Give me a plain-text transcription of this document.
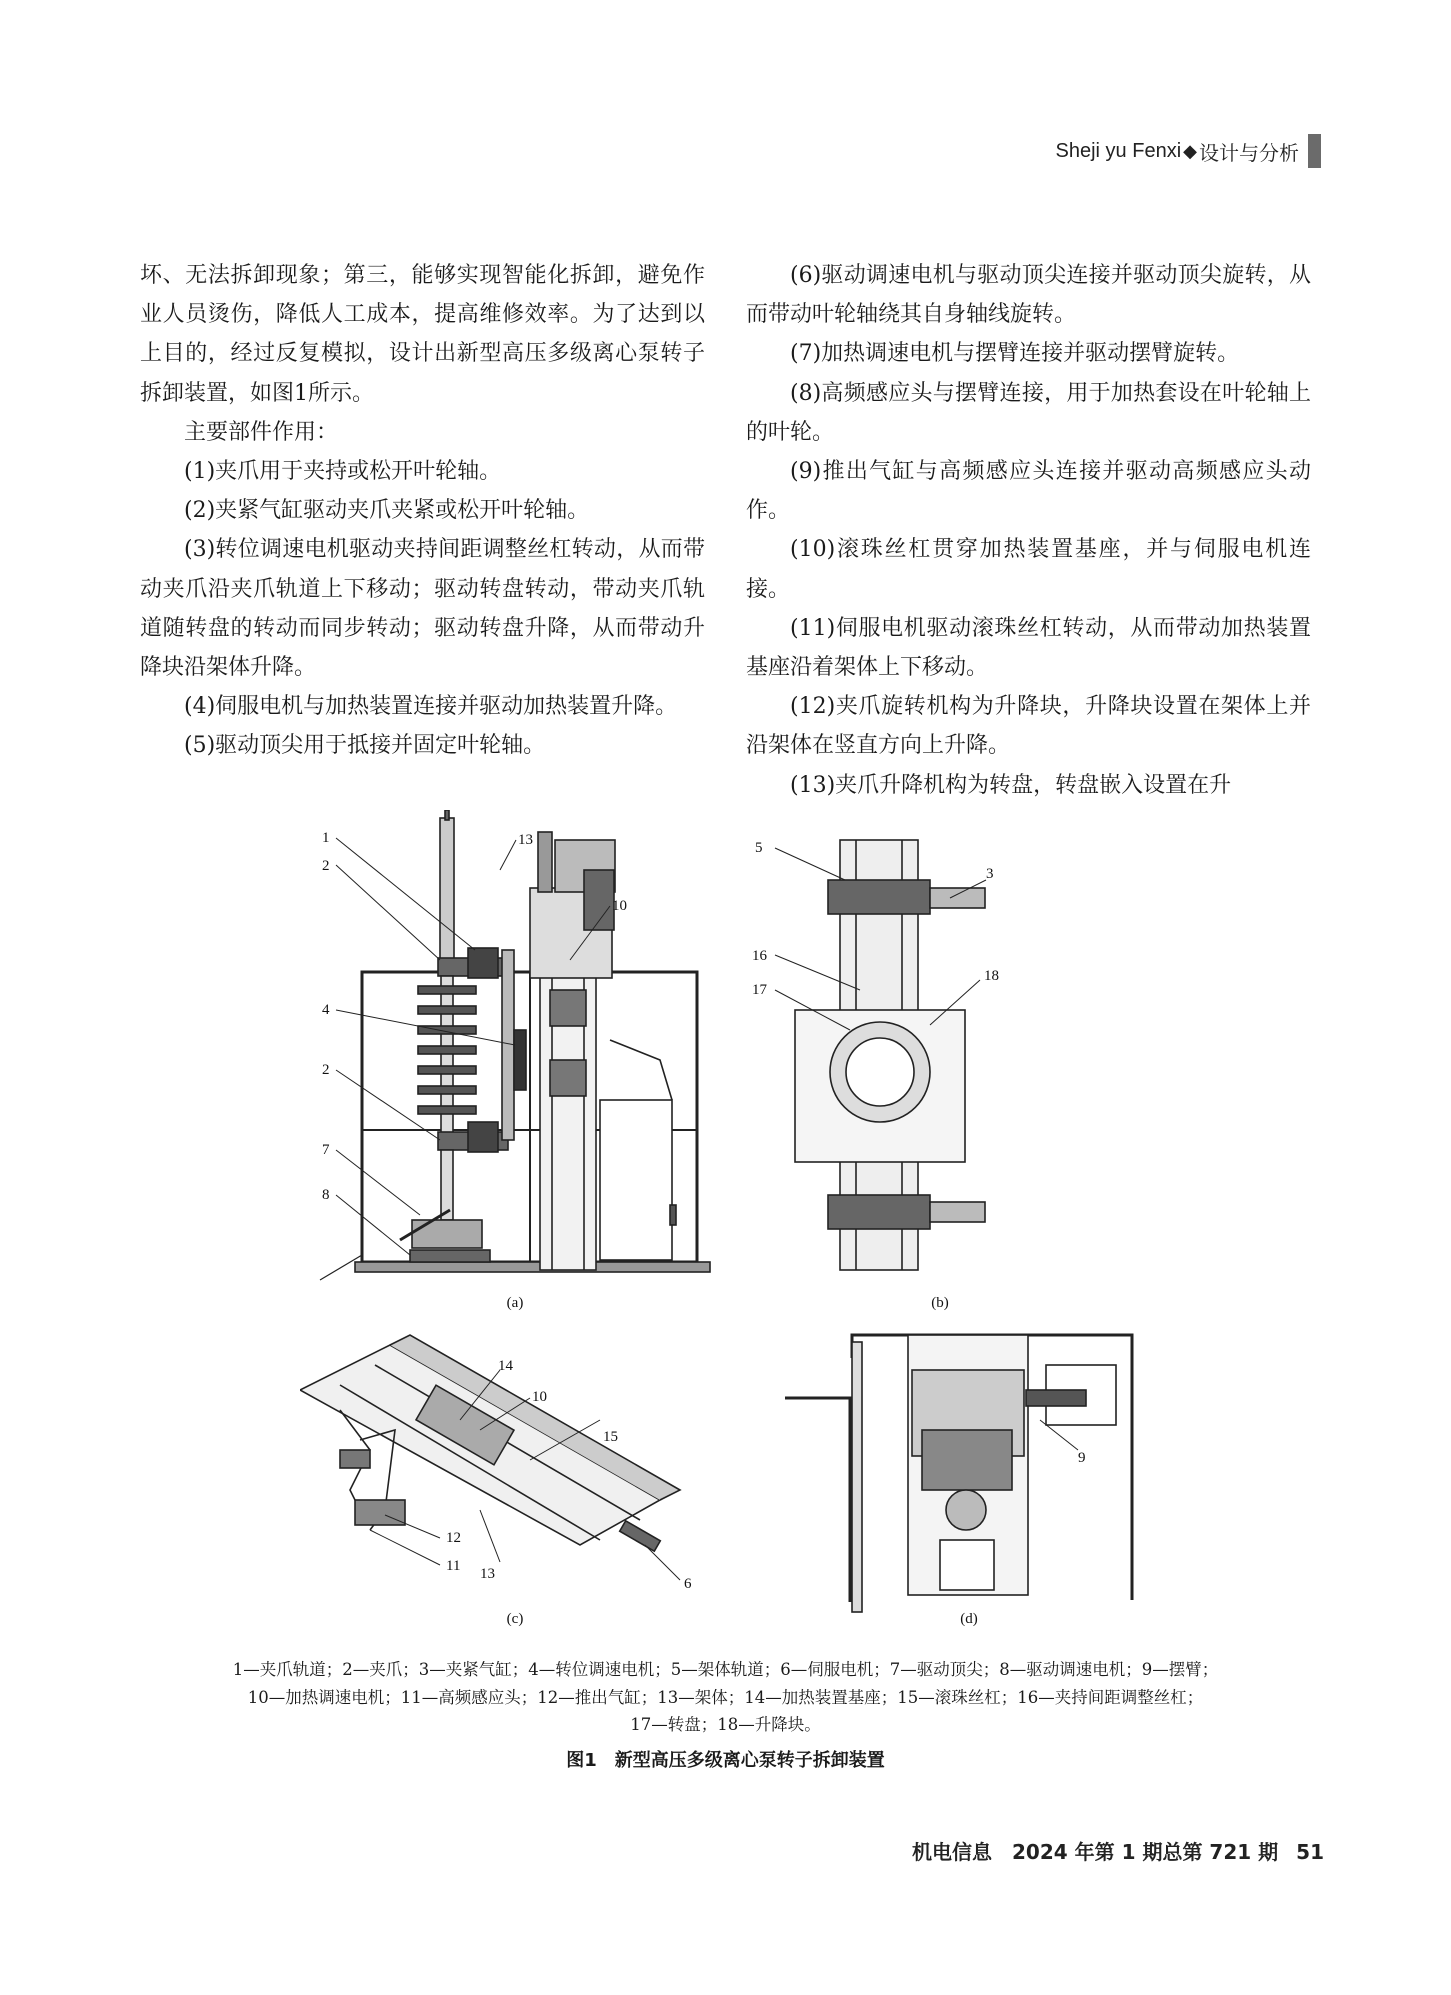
Sheji yu Fenxi ◆ 设计与分析

坏、无法拆卸现象；第三，能够实现智能化拆卸，避免作业人员烫伤，降低人工成本，提高维修效率。为了达到以上目的，经过反复模拟，设计出新型高压多级离心泵转子拆卸装置，如图1所示。

主要部件作用：

(1)夹爪用于夹持或松开叶轮轴。

(2)夹紧气缸驱动夹爪夹紧或松开叶轮轴。

(3)转位调速电机驱动夹持间距调整丝杠转动，从而带动夹爪沿夹爪轨道上下移动；驱动转盘转动，带动夹爪轨道随转盘的转动而同步转动；驱动转盘升降，从而带动升降块沿架体升降。

(4)伺服电机与加热装置连接并驱动加热装置升降。

(5)驱动顶尖用于抵接并固定叶轮轴。

(6)驱动调速电机与驱动顶尖连接并驱动顶尖旋转，从而带动叶轮轴绕其自身轴线旋转。

(7)加热调速电机与摆臂连接并驱动摆臂旋转。

(8)高频感应头与摆臂连接，用于加热套设在叶轮轴上的叶轮。

(9)推出气缸与高频感应头连接并驱动高频感应头动作。

(10)滚珠丝杠贯穿加热装置基座，并与伺服电机连接。

(11)伺服电机驱动滚珠丝杠转动，从而带动加热装置基座沿着架体上下移动。

(12)夹爪旋转机构为升降块，升降块设置在架体上并沿架体在竖直方向上升降。

(13)夹爪升降机构为转盘，转盘嵌入设置在升

1
2
13
10
4
2
7
8
(a)
5
3
16
17
18
(b)
14
10
15
12
11 13
6
(c)
9
(d)

1—夹爪轨道；2—夹爪；3—夹紧气缸；4—转位调速电机；5—架体轨道；6—伺服电机；7—驱动顶尖；8—驱动调速电机；9—摆臂；

10—加热调速电机；11—高频感应头；12—推出气缸；13—架体；14—加热装置基座；15—滚珠丝杠；16—夹持间距调整丝杠；

17—转盘；18—升降块。

图1　新型高压多级离心泵转子拆卸装置
机电信息　2024 年第 1 期总第 721 期 51
